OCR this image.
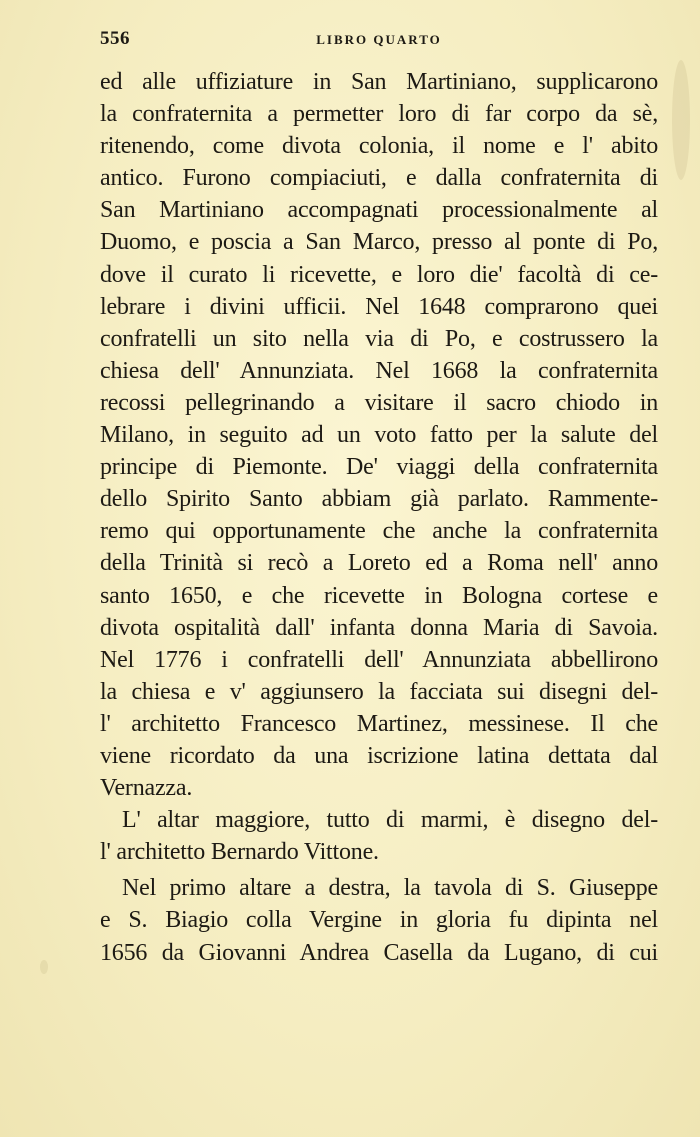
556	LIBRO QUARTO
ed alle uffiziature in San Martiniano, supplicarono
la confraternita a permetter loro di far corpo da sè,
ritenendo, come divota colonia, il nome e l' abito
antico. Furono compiaciuti, e dalla confraternita di
San Martiniano accompagnati processionalmente al
Duomo, e poscia a San Marco, presso al ponte di Po,
dove il curato li ricevette, e loro die' facoltà di ce-
lebrare i divini ufficii. Nel 1648 comprarono quei
confratelli un sito nella via di Po, e costrussero la
chiesa dell' Annunziata. Nel 1668 la confraternita
recossi pellegrinando a visitare il sacro chiodo in
Milano, in seguito ad un voto fatto per la salute del
principe di Piemonte. De' viaggi della confraternita
dello Spirito Santo abbiam già parlato. Rammente-
remo qui opportunamente che anche la confraternita
della Trinità si recò a Loreto ed a Roma nell' anno
santo 1650, e che ricevette in Bologna cortese e
divota ospitalità dall' infanta donna Maria di Savoia.
Nel 1776 i confratelli dell' Annunziata abbellirono
la chiesa e v' aggiunsero la facciata sui disegni del-
l' architetto Francesco Martinez, messinese. Il che
viene ricordato da una iscrizione latina dettata dal
Vernazza.
L' altar maggiore, tutto di marmi, è disegno del-
l' architetto Bernardo Vittone.
Nel primo altare a destra, la tavola di S. Giuseppe
e S. Biagio colla Vergine in gloria fu dipinta nel
1656 da Giovanni Andrea Casella da Lugano, di cui
